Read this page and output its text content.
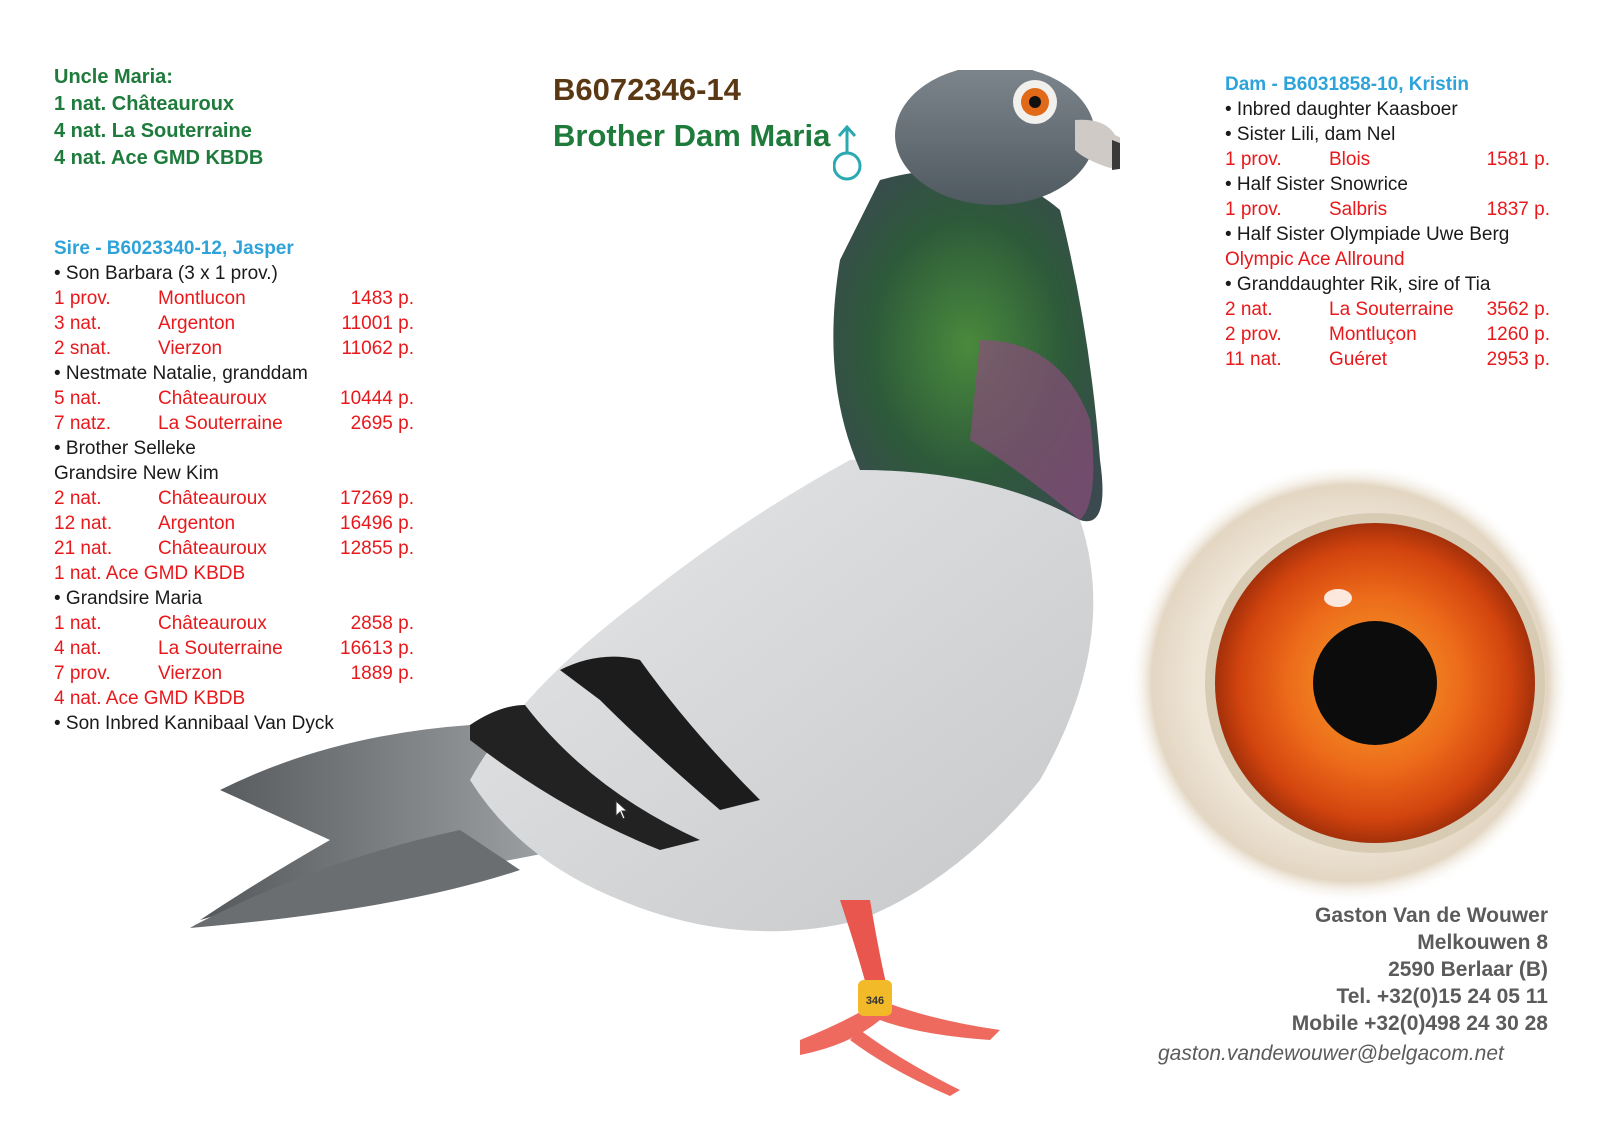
346
Uncle Maria:
1 nat. Châteauroux
4 nat. La Souterraine
4 nat. Ace GMD KBDB
B6072346-14
Brother Dam Maria
Sire - B6023340-12, Jasper
• Son Barbara (3 x 1 prov.)
1 prov. Montlucon	1483 p.
3 nat.	Argenton	11001 p.
2 snat. Vierzon	11062 p.
• Nestmate Natalie, granddam
5 nat.	Châteauroux	10444 p.
7 natz. La Souterraine	2695 p.
• Brother Selleke
Grandsire New Kim
2 nat.	Châteauroux	17269 p.
12 nat. Argenton	16496 p.
21 nat. Châteauroux	12855 p.
1 nat. Ace GMD KBDB
• Grandsire Maria
1 nat.	Châteauroux	2858 p.
4 nat.	La Souterraine	16613 p.
7 prov. Vierzon	1889 p.
4 nat. Ace GMD KBDB
• Son Inbred Kannibaal Van Dyck
Dam - B6031858-10, Kristin
• Inbred daughter Kaasboer
• Sister Lili, dam Nel
1 prov. Blois	1581 p.
• Half Sister Snowrice
1 prov. Salbris	1837 p.
• Half Sister Olympiade Uwe Berg
Olympic Ace Allround
• Granddaughter Rik, sire of Tia
2 nat.	La Souterraine 3562 p.
2 prov. Montluçon	1260 p.
11 nat. Guéret	2953 p.
Gaston Van de Wouwer
Melkouwen 8
2590 Berlaar (B)
Tel. +32(0)15 24 05 11
Mobile +32(0)498 24 30 28
gaston.vandewouwer@belgacom.net
